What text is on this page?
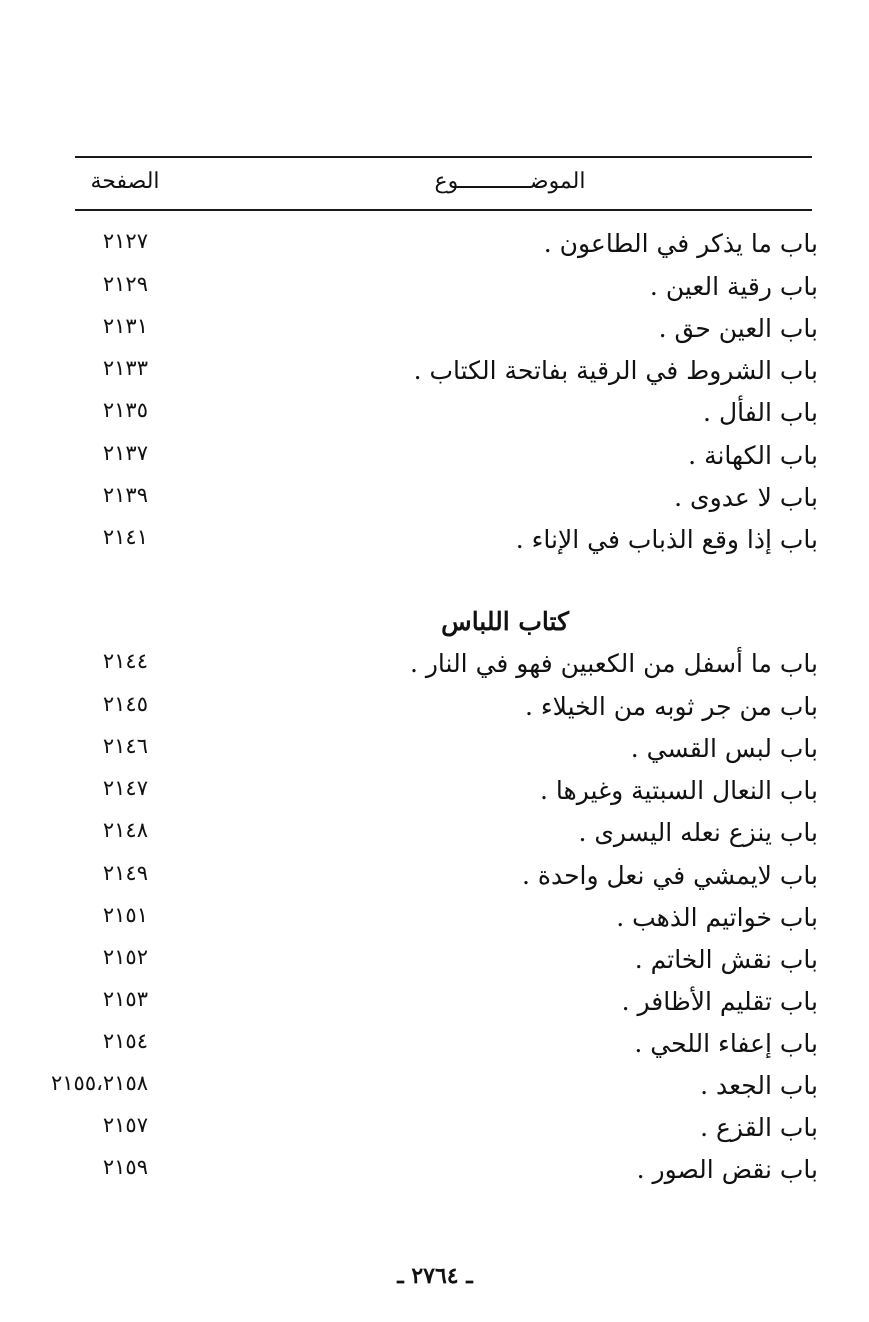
الموضـــــــــــوع
الصفحة
باب ما يذكر في الطاعون .
٢١٢٧
باب رقية العين .
٢١٢٩
باب العين حق .
٢١٣١
باب الشروط في الرقية بفاتحة الكتاب .
٢١٣٣
باب الفأل .
٢١٣٥
باب الكهانة .
٢١٣٧
باب لا عدوى .
٢١٣٩
باب إذا وقع الذباب في الإناء .
٢١٤١
كتاب اللباس
باب ما أسفل من الكعبين فهو في النار .
٢١٤٤
باب من جر ثوبه من الخيلاء .
٢١٤٥
باب لبس القسي .
٢١٤٦
باب النعال السبتية وغيرها .
٢١٤٧
باب ينزع نعله اليسرى .
٢١٤٨
باب لايمشي في نعل واحدة .
٢١٤٩
باب خواتيم الذهب .
٢١٥١
باب نقش الخاتم .
٢١٥٢
باب تقليم الأظافر .
٢١٥٣
باب إعفاء اللحي .
٢١٥٤
باب الجعد .
٢١٥٥،٢١٥٨
باب القزع .
٢١٥٧
باب نقض الصور .
٢١٥٩
ـ ٢٧٦٤ ـ
